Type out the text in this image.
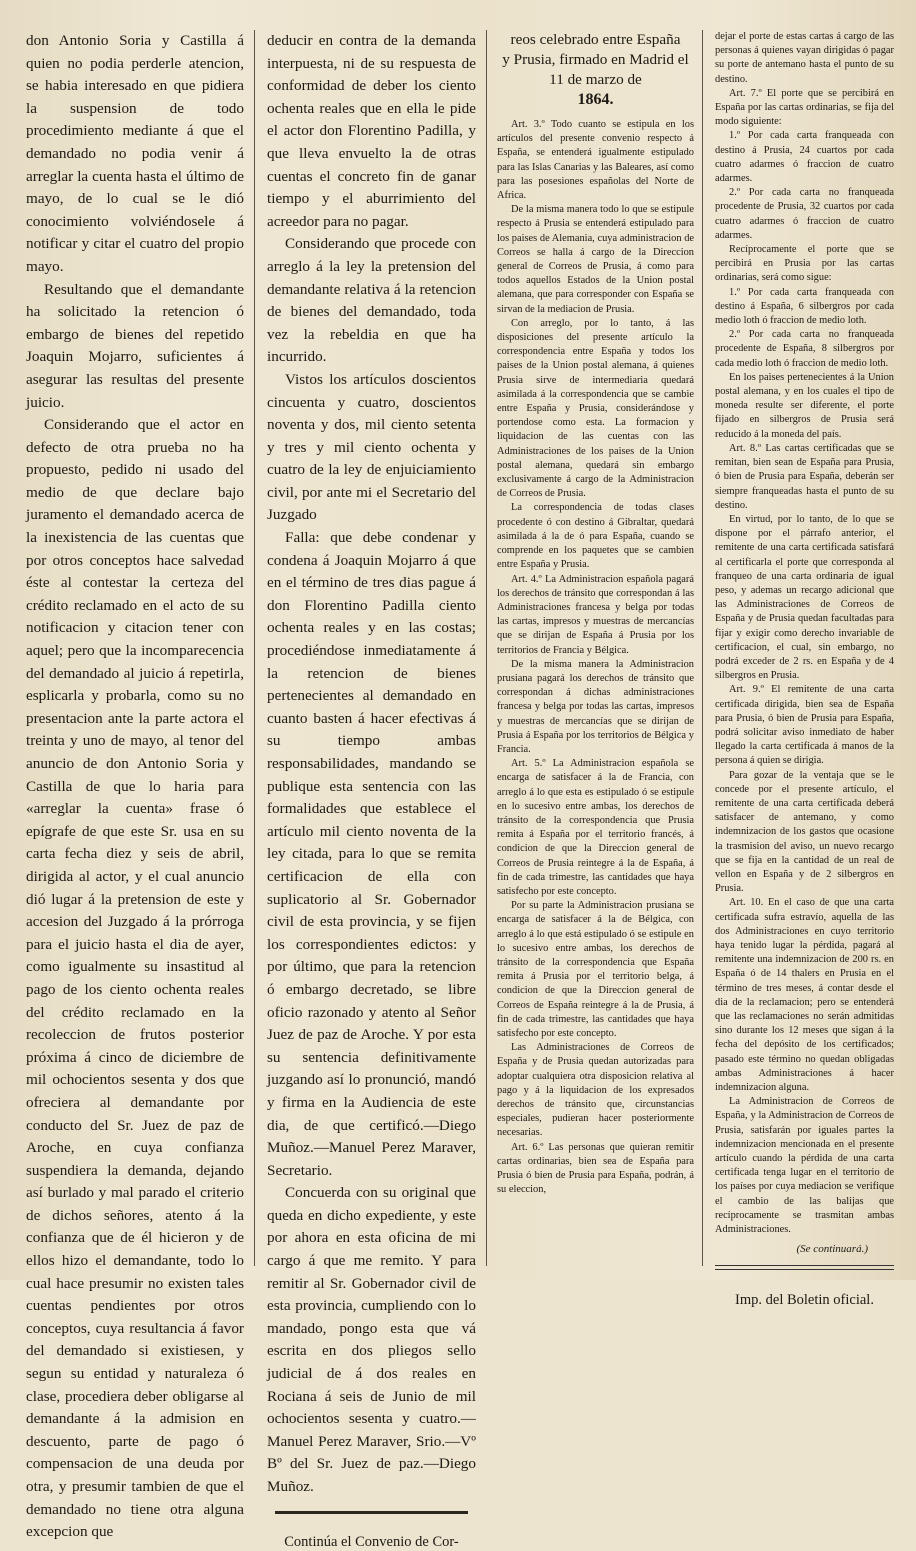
don Antonio Soria y Castilla á quien no podia perderle atencion, se habia interesado en que pidiera la suspension de todo procedimiento mediante á que el demandado no podia venir á arreglar la cuenta hasta el último de mayo, de lo cual se le dió conocimiento volviéndosele á notificar y citar el cuatro del propio mayo.

Resultando que el demandante ha solicitado la retencion ó embargo de bienes del repetido Joaquin Mojarro, suficientes á asegurar las resultas del presente juicio.

Considerando que el actor en defecto de otra prueba no ha propuesto, pedido ni usado del medio de que declare bajo juramento el demandado acerca de la inexistencia de las cuentas que por otros conceptos hace salvedad éste al contestar la certeza del crédito reclamado en el acto de su notificacion y citacion tener con aquel; pero que la incomparecencia del demandado al juicio á repetirla, esplicarla y probarla, como su no presentacion ante la parte actora el treinta y uno de mayo, al tenor del anuncio de don Antonio Soria y Castilla de que lo haria para «arreglar la cuenta» frase ó epígrafe de que este Sr. usa en su carta fecha diez y seis de abril, dirigida al actor, y el cual anuncio dió lugar á la pretension de este y accesion del Juzgado á la prórroga para el juicio hasta el dia de ayer, como igualmente su insastitud al pago de los ciento ochenta reales del crédito reclamado en la recoleccion de frutos posterior próxima á cinco de diciembre de mil ochocientos sesenta y dos que ofreciera al demandante por conducto del Sr. Juez de paz de Aroche, en cuya confianza suspendiera la demanda, dejando así burlado y mal parado el criterio de dichos señores, atento á la confianza que de él hicieron y de ellos hizo el demandante, todo lo cual hace presumir no existen tales cuentas pendientes por otros conceptos, cuya resultancia á favor del demandado si existiesen, y segun su entidad y naturaleza ó clase, procediera deber obligarse al demandante á la admision en descuento, parte de pago ó compensacion de una deuda por otra, y presumir tambien de que el demandado no tiene otra alguna excepcion que

deducir en contra de la demanda interpuesta, ni de su respuesta de conformidad de deber los ciento ochenta reales que en ella le pide el actor don Florentino Padilla, y que lleva envuelto la de otras cuentas el concreto fin de ganar tiempo y el aburrimiento del acreedor para no pagar.

Considerando que procede con arreglo á la ley la pretension del demandante relativa á la retencion de bienes del demandado, toda vez la rebeldia en que ha incurrido.

Vistos los artículos doscientos cincuenta y cuatro, doscientos noventa y dos, mil ciento setenta y tres y mil ciento ochenta y cuatro de la ley de enjuiciamiento civil, por ante mi el Secretario del Juzgado

Falla: que debe condenar y condena á Joaquin Mojarro á que en el término de tres dias pague á don Florentino Padilla ciento ochenta reales y en las costas; procediéndose inmediatamente á la retencion de bienes pertenecientes al demandado en cuanto basten á hacer efectivas á su tiempo ambas responsabilidades, mandando se publique esta sentencia con las formalidades que establece el artículo mil ciento noventa de la ley citada, para lo que se remita certificacion de ella con suplicatorio al Sr. Gobernador civil de esta provincia, y se fijen los correspondientes edictos: y por último, que para la retencion ó embargo decretado, se libre oficio razonado y atento al Señor Juez de paz de Aroche. Y por esta su sentencia definitivamente juzgando así lo pronunció, mandó y firma en la Audiencia de este dia, de que certificó.—Diego Muñoz.—Manuel Perez Maraver, Secretario.

Concuerda con su original que queda en dicho expediente, y este por ahora en esta oficina de mi cargo á que me remito. Y para remitir al Sr. Gobernador civil de esta provincia, cumpliendo con lo mandado, pongo esta que vá escrita en dos pliegos sello judicial de á dos reales en Rociana á seis de Junio de mil ochocientos sesenta y cuatro.—Manuel Perez Maraver, Srio.—Vº Bº del Sr. Juez de paz.—Diego Muñoz.

Continúa el Convenio de Cor-
reos celebrado entre España
y Prusia, firmado en Madrid el 11 de marzo de
1864.

Art. 3.º Todo cuanto se estipula en los artículos del presente convenio respecto á España, se entenderá igualmente estipulado para las Islas Canarias y las Baleares, así como para las posesiones españolas del Norte de Africa.

De la misma manera todo lo que se estipule respecto á Prusia se entenderá estipulado para los paises de Alemania, cuya administracion de Correos se halla á cargo de la Direccion general de Correos de Prusia, á como para todos aquellos Estados de la Union postal alemana, que para corresponder con España se sirvan de la mediacion de Prusia.

Con arreglo, por lo tanto, á las disposiciones del presente artículo la correspondencia entre España y todos los paises de la Union postal alemana, á quienes Prusia sirve de intermediaria quedará asimilada á la correspondencia que se cambie entre España y Prusia, considerándose y portendose como esta. La formacion y liquidacion de las cuentas con las Administraciones de los paises de la Union postal alemana, quedará sin embargo exclusivamente á cargo de la Administracion de Correos de Prusia.

La correspondencia de todas clases procedente ó con destino á Gibraltar, quedará asimilada á la de ó para España, cuando se comprende en los paquetes que se cambien entre España y Prusia.

Art. 4.º La Administracion española pagará los derechos de tránsito que correspondan á las Administraciones francesa y belga por todas las cartas, impresos y muestras de mercancías que se dirijan de España á Prusia por los territorios de Francia y Bélgica.

De la misma manera la Administracion prusiana pagará los derechos de tránsito que correspondan á dichas administraciones francesa y belga por todas las cartas, impresos y muestras de mercancías que se dirijan de Prusia á España por los territorios de Bélgica y Francia.

Art. 5.º La Administracion española se encarga de satisfacer á la de Francia, con arreglo á lo que esta es estipulado ó se estipule en lo sucesivo entre ambas, los derechos de tránsito de la correspondencia que Prusia remita á España por el territorio francés, á condicion de que la Direccion general de Correos de Prusia reintegre á la de España, á fin de cada trimestre, las cantidades que haya satisfecho por este concepto.

Por su parte la Administracion prusiana se encarga de satisfacer á la de Bélgica, con arreglo á lo que está estipulado ó se estipule en lo sucesivo entre ambas, los derechos de tránsito de la correspondencia que España remita á Prusia por el territorio belga, á condicion de que la Direccion general de Correos de España reintegre á la de Prusia, á fin de cada trimestre, las cantidades que haya satisfecho por este concepto.

Las Administraciones de Correos de España y de Prusia quedan autorizadas para adoptar cualquiera otra disposicion relativa al pago y á la liquidacion de los expresados derechos de tránsito que, circunstancias especiales, pudieran hacer posteriormente necesarias.

Art. 6.º Las personas que quieran remitir cartas ordinarias, bien sea de España para Prusia ó bien de Prusia para España, podrán, á su eleccion,

dejar el porte de estas cartas á cargo de las personas á quienes vayan dirigidas ó pagar su porte de antemano hasta el punto de su destino.

Art. 7.º El porte que se percibirá en España por las cartas ordinarias, se fija del modo siguiente:

1.º Por cada carta franqueada con destino á Prusia, 24 cuartos por cada cuatro adarmes ó fraccion de cuatro adarmes.

2.º Por cada carta no franqueada procedente de Prusia, 32 cuartos por cada cuatro adarmes ó fraccion de cuatro adarmes.

Recíprocamente el porte que se percibirá en Prusia por las cartas ordinarias, será como sigue:

1.º Por cada carta franqueada con destino á España, 6 silbergros por cada medio loth ó fraccion de medio loth.

2.º Por cada carta no franqueada procedente de España, 8 silbergros por cada medio loth ó fraccion de medio loth.

En los paises pertenecientes á la Union postal alemana, y en los cuales el tipo de moneda resulte ser diferente, el porte fijado en silbergros de Prusia será reducido á la moneda del país.

Art. 8.º Las cartas certificadas que se remitan, bien sean de España para Prusia, ó bien de Prusia para España, deberán ser siempre franqueadas hasta el punto de su destino.

En virtud, por lo tanto, de lo que se dispone por el párrafo anterior, el remitente de una carta certificada satisfará al certificarla el porte que corresponda al franqueo de una carta ordinaria de igual peso, y ademas un recargo adicional que las Administraciones de Correos de España y de Prusia quedan facultadas para fijar y exigir como derecho invariable de certificacion, el cual, sin embargo, no podrá exceder de 2 rs. en España y de 4 silbergros en Prusia.

Art. 9.º El remitente de una carta certificada dirigida, bien sea de España para Prusia, ó bien de Prusia para España, podrá solicitar aviso inmediato de haber llegado la carta certificada á manos de la persona á quien se dirigia.

Para gozar de la ventaja que se le concede por el presente artículo, el remitente de una carta certificada deberá satisfacer de antemano, y como indemnizacion de los gastos que ocasione la trasmision del aviso, un nuevo recargo que se fija en la cantidad de un real de vellon en España y de 2 silbergros en Prusia.

Art. 10. En el caso de que una carta certificada sufra estravío, aquella de las dos Administraciones en cuyo territorio haya tenido lugar la pérdida, pagará al remitente una indemnizacion de 200 rs. en España ó de 14 thalers en Prusia en el término de tres meses, á contar desde el dia de la reclamacion; pero se entenderá que las reclamaciones no serán admitidas sino durante los 12 meses que sigan á la fecha del depósito de los certificados; pasado este término no quedan obligadas ambas Administraciones á hacer indemnizacion alguna.

La Administracion de Correos de España, y la Administracion de Correos de Prusia, satisfarán por iguales partes la indemnizacion mencionada en el presente artículo cuando la pérdida de una carta certificada tenga lugar en el territorio de los países por cuya mediacion se verifique el cambio de las balijas que recíprocamente se trasmitan ambas Administraciones.

(Se continuará.)
Imp. del Boletin oficial.
